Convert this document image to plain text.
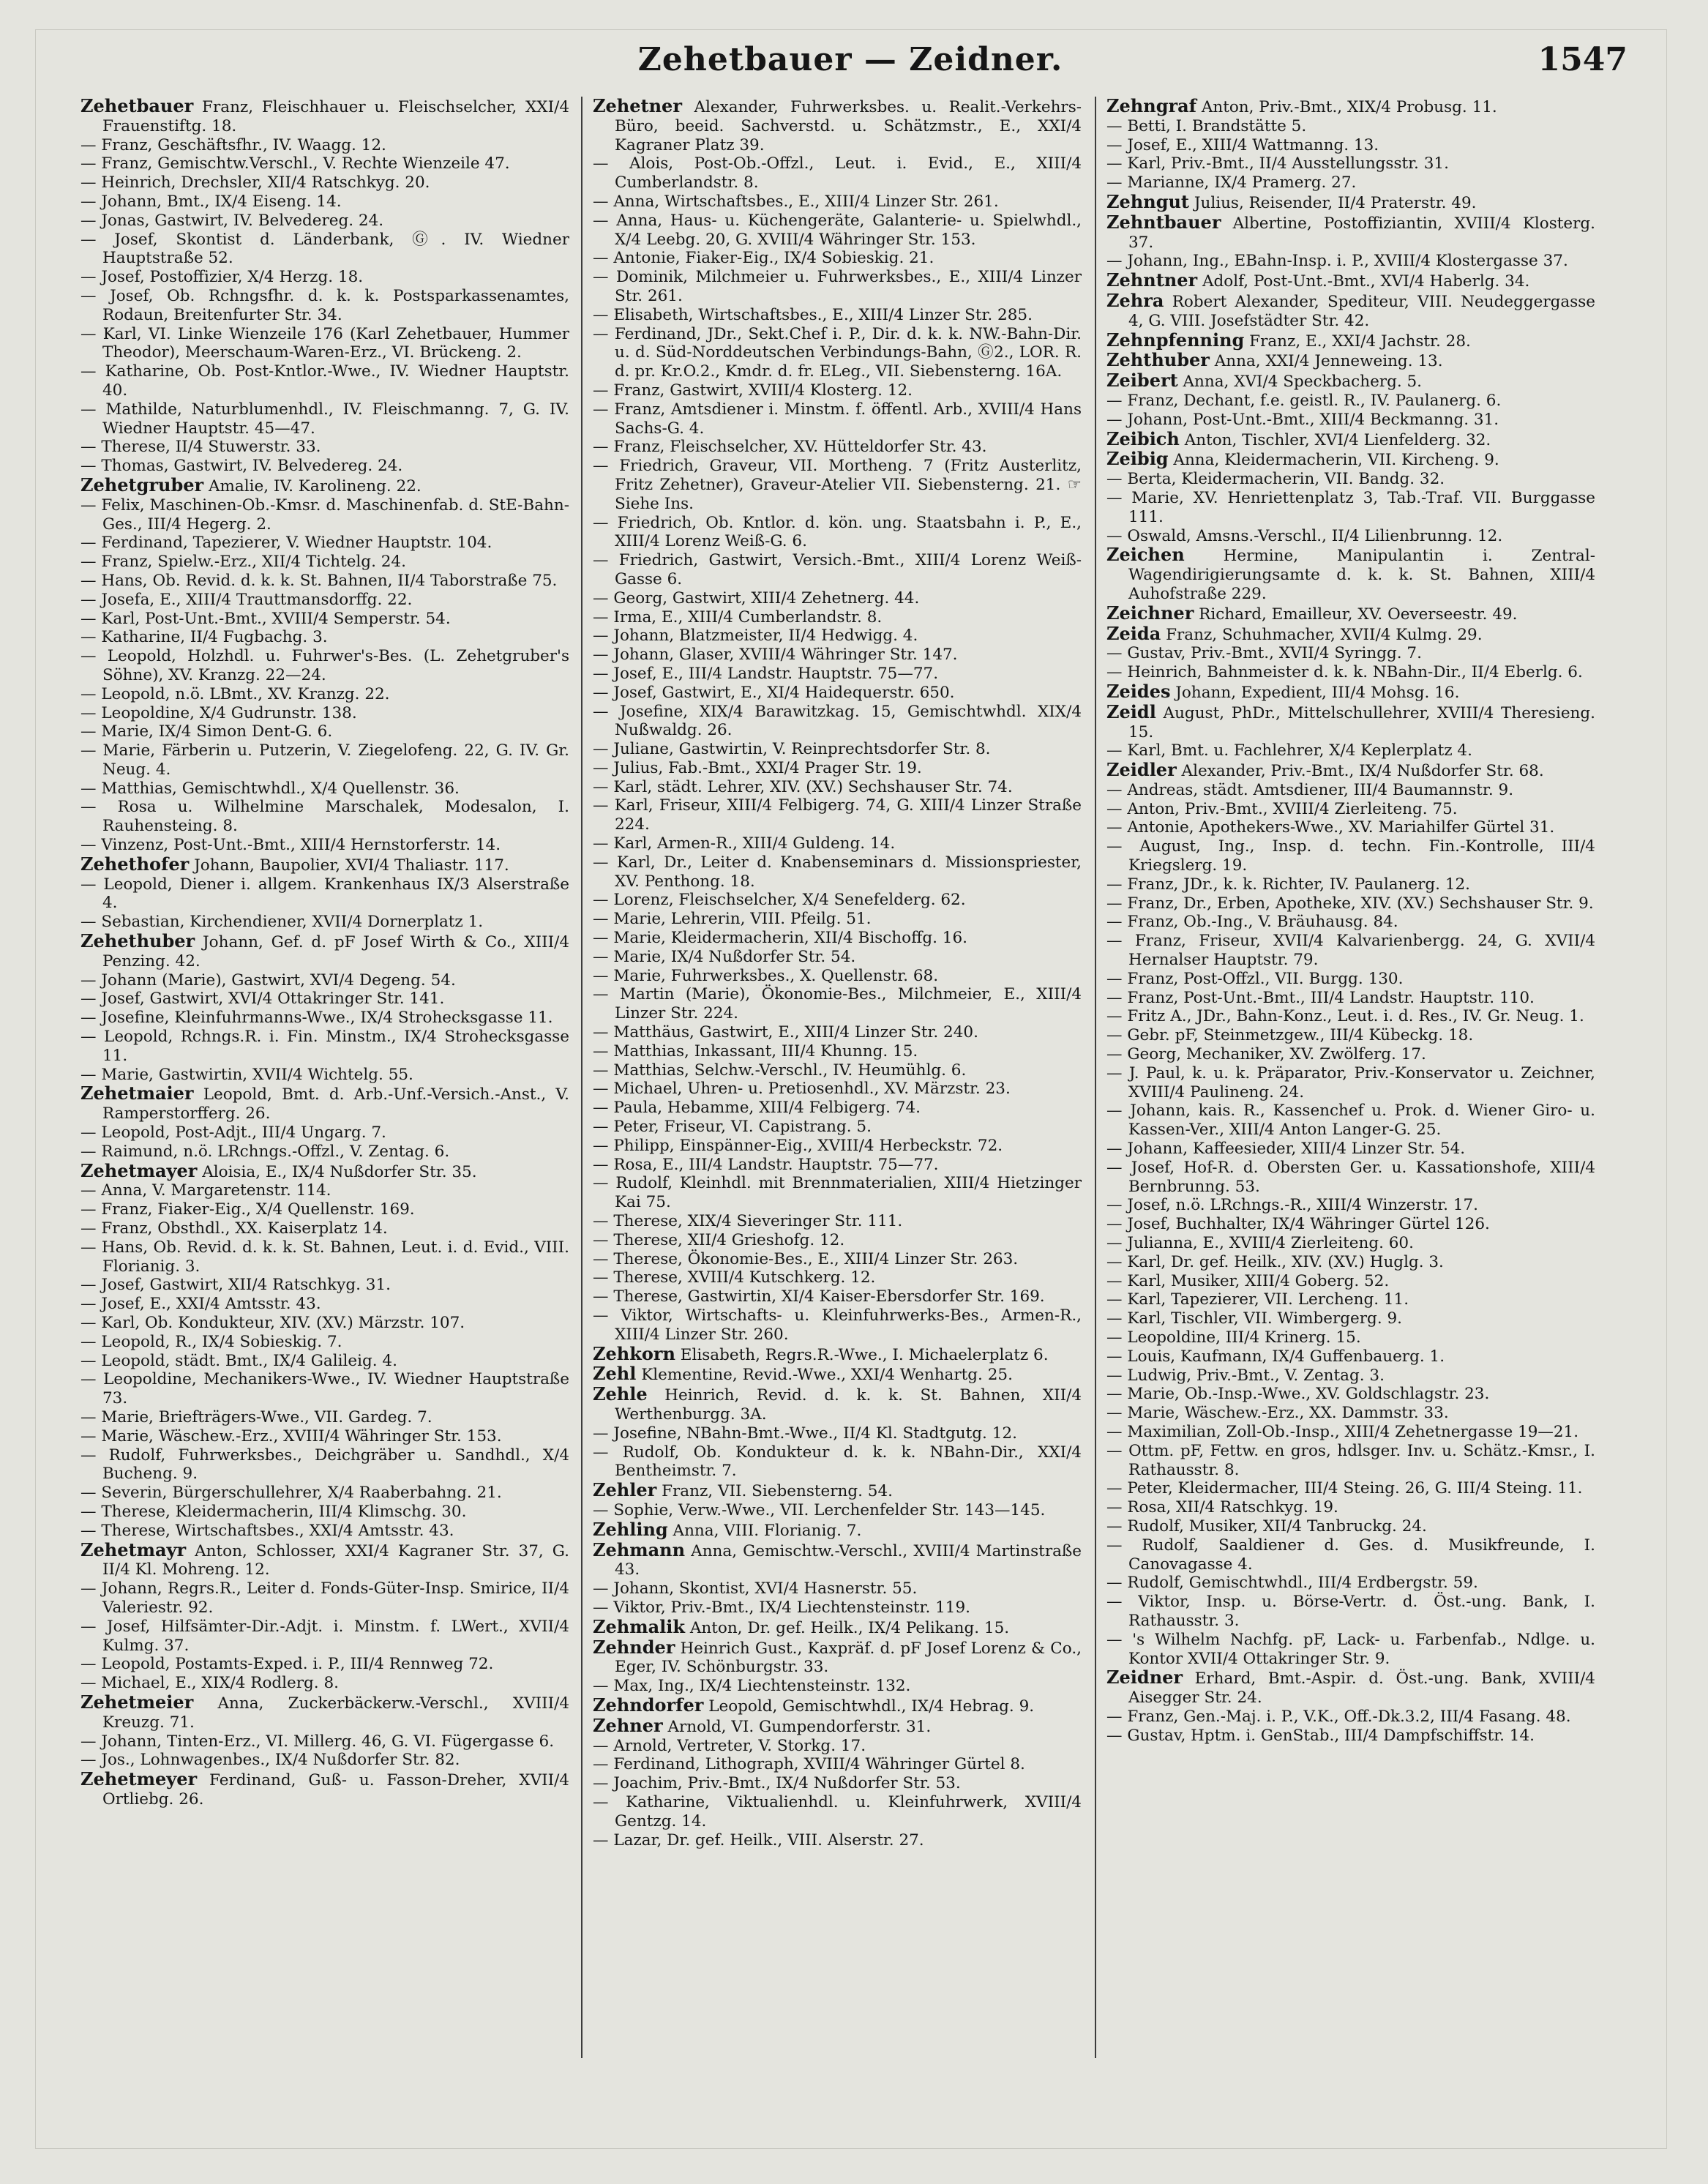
Zehetbauer — Zeidner.	1547

Zehetbauer Franz, Fleischhauer u. Fleischselcher, XXI/4 Frauenstiftg. 18.

— Franz, Geschäftsfhr., IV. Waagg. 12.

— Franz, Gemischtw.Verschl., V. Rechte Wienzeile 47.

— Heinrich, Drechsler, XII/4 Ratschkyg. 20.

— Johann, Bmt., IX/4 Eiseng. 14.

— Jonas, Gastwirt, IV. Belvedereg. 24.

— Josef, Skontist d. Länderbank, Ⓖ. IV. Wiedner Hauptstraße 52.

— Josef, Postoffizier, X/4 Herzg. 18.

— Josef, Ob. Rchngsfhr. d. k. k. Postsparkassenamtes, Rodaun, Breitenfurter Str. 34.

— Karl, VI. Linke Wienzeile 176 (Karl Zehetbauer, Hummer Theodor), Meerschaum-Waren-Erz., VI. Brückeng. 2.

— Katharine, Ob. Post-Kntlor.-Wwe., IV. Wiedner Hauptstr. 40.

— Mathilde, Naturblumenhdl., IV. Fleischmanng. 7, G. IV. Wiedner Hauptstr. 45—47.

— Therese, II/4 Stuwerstr. 33.

— Thomas, Gastwirt, IV. Belvedereg. 24.

Zehetgruber Amalie, IV. Karolineng. 22.

— Felix, Maschinen-Ob.-Kmsr. d. Maschinenfab. d. StE-Bahn-Ges., III/4 Hegerg. 2.

— Ferdinand, Tapezierer, V. Wiedner Hauptstr. 104.

— Franz, Spielw.-Erz., XII/4 Tichtelg. 24.

— Hans, Ob. Revid. d. k. k. St. Bahnen, II/4 Taborstraße 75.

— Josefa, E., XIII/4 Trauttmansdorffg. 22.

— Karl, Post-Unt.-Bmt., XVIII/4 Semperstr. 54.

— Katharine, II/4 Fugbachg. 3.

— Leopold, Holzhdl. u. Fuhrwer's-Bes. (L. Zehetgruber's Söhne), XV. Kranzg. 22—24.

— Leopold, n.ö. LBmt., XV. Kranzg. 22.

— Leopoldine, X/4 Gudrunstr. 138.

— Marie, IX/4 Simon Dent-G. 6.

— Marie, Färberin u. Putzerin, V. Ziegelofeng. 22, G. IV. Gr. Neug. 4.

— Matthias, Gemischtwhdl., X/4 Quellenstr. 36.

— Rosa u. Wilhelmine Marschalek, Modesalon, I. Rauhensteing. 8.

— Vinzenz, Post-Unt.-Bmt., XIII/4 Hernstorferstr. 14.

Zehethofer Johann, Baupolier, XVI/4 Thaliastr. 117.

— Leopold, Diener i. allgem. Krankenhaus IX/3 Alserstraße 4.

— Sebastian, Kirchendiener, XVII/4 Dornerplatz 1.

Zehethuber Johann, Gef. d. pF Josef Wirth & Co., XIII/4 Penzing. 42.

— Johann (Marie), Gastwirt, XVI/4 Degeng. 54.

— Josef, Gastwirt, XVI/4 Ottakringer Str. 141.

— Josefine, Kleinfuhrmanns-Wwe., IX/4 Strohecksgasse 11.

— Leopold, Rchngs.R. i. Fin. Minstm., IX/4 Strohecksgasse 11.

— Marie, Gastwirtin, XVII/4 Wichtelg. 55.

Zehetmaier Leopold, Bmt. d. Arb.-Unf.-Versich.-Anst., V. Ramperstorfferg. 26.

— Leopold, Post-Adjt., III/4 Ungarg. 7.

— Raimund, n.ö. LRchngs.-Offzl., V. Zentag. 6.

Zehetmayer Aloisia, E., IX/4 Nußdorfer Str. 35.

— Anna, V. Margaretenstr. 114.

— Franz, Fiaker-Eig., X/4 Quellenstr. 169.

— Franz, Obsthdl., XX. Kaiserplatz 14.

— Hans, Ob. Revid. d. k. k. St. Bahnen, Leut. i. d. Evid., VIII. Florianig. 3.

— Josef, Gastwirt, XII/4 Ratschkyg. 31.

— Josef, E., XXI/4 Amtsstr. 43.

— Karl, Ob. Kondukteur, XIV. (XV.) Märzstr. 107.

— Leopold, R., IX/4 Sobieskig. 7.

— Leopold, städt. Bmt., IX/4 Galileig. 4.

— Leopoldine, Mechanikers-Wwe., IV. Wiedner Hauptstraße 73.

— Marie, Briefträgers-Wwe., VII. Gardeg. 7.

— Marie, Wäschew.-Erz., XVIII/4 Währinger Str. 153.

— Rudolf, Fuhrwerksbes., Deichgräber u. Sandhdl., X/4 Bucheng. 9.

— Severin, Bürgerschullehrer, X/4 Raaberbahng. 21.

— Therese, Kleidermacherin, III/4 Klimschg. 30.

— Therese, Wirtschaftsbes., XXI/4 Amtsstr. 43.

Zehetmayr Anton, Schlosser, XXI/4 Kagraner Str. 37, G. II/4 Kl. Mohreng. 12.

— Johann, Regrs.R., Leiter d. Fonds-Güter-Insp. Smirice, II/4 Valeriestr. 92.

— Josef, Hilfsämter-Dir.-Adjt. i. Minstm. f. LWert., XVII/4 Kulmg. 37.

— Leopold, Postamts-Exped. i. P., III/4 Rennweg 72.

— Michael, E., XIX/4 Rodlerg. 8.

Zehetmeier Anna, Zuckerbäckerw.-Verschl., XVIII/4 Kreuzg. 71.

— Johann, Tinten-Erz., VI. Millerg. 46, G. VI. Fügergasse 6.

— Jos., Lohnwagenbes., IX/4 Nußdorfer Str. 82.

Zehetmeyer Ferdinand, Guß- u. Fasson-Dreher, XVII/4 Ortliebg. 26.

Zehetner Alexander, Fuhrwerksbes. u. Realit.-Verkehrs-Büro, beeid. Sachverstd. u. Schätzmstr., E., XXI/4 Kagraner Platz 39.

— Alois, Post-Ob.-Offzl., Leut. i. Evid., E., XIII/4 Cumberlandstr. 8.

— Anna, Wirtschaftsbes., E., XIII/4 Linzer Str. 261.

— Anna, Haus- u. Küchengeräte, Galanterie- u. Spielwhdl., X/4 Leebg. 20, G. XVIII/4 Währinger Str. 153.

— Antonie, Fiaker-Eig., IX/4 Sobieskig. 21.

— Dominik, Milchmeier u. Fuhrwerksbes., E., XIII/4 Linzer Str. 261.

— Elisabeth, Wirtschaftsbes., E., XIII/4 Linzer Str. 285.

— Ferdinand, JDr., Sekt.Chef i. P., Dir. d. k. k. NW.-Bahn-Dir. u. d. Süd-Norddeutschen Verbindungs-Bahn, Ⓖ2., LOR. R. d. pr. Kr.O.2., Kmdr. d. fr. ELeg., VII. Siebensterng. 16A.

— Franz, Gastwirt, XVIII/4 Klosterg. 12.

— Franz, Amtsdiener i. Minstm. f. öffentl. Arb., XVIII/4 Hans Sachs-G. 4.

— Franz, Fleischselcher, XV. Hütteldorfer Str. 43.

— Friedrich, Graveur, VII. Mortheng. 7 (Fritz Austerlitz, Fritz Zehetner), Graveur-Atelier VII. Siebensterng. 21. ☞ Siehe Ins.

— Friedrich, Ob. Kntlor. d. kön. ung. Staatsbahn i. P., E., XIII/4 Lorenz Weiß-G. 6.

— Friedrich, Gastwirt, Versich.-Bmt., XIII/4 Lorenz Weiß-Gasse 6.

— Georg, Gastwirt, XIII/4 Zehetnerg. 44.

— Irma, E., XIII/4 Cumberlandstr. 8.

— Johann, Blatzmeister, II/4 Hedwigg. 4.

— Johann, Glaser, XVIII/4 Währinger Str. 147.

— Josef, E., III/4 Landstr. Hauptstr. 75—77.

— Josef, Gastwirt, E., XI/4 Haidequerstr. 650.

— Josefine, XIX/4 Barawitzkag. 15, Gemischtwhdl. XIX/4 Nußwaldg. 26.

— Juliane, Gastwirtin, V. Reinprechtsdorfer Str. 8.

— Julius, Fab.-Bmt., XXI/4 Prager Str. 19.

— Karl, städt. Lehrer, XIV. (XV.) Sechshauser Str. 74.

— Karl, Friseur, XIII/4 Felbigerg. 74, G. XIII/4 Linzer Straße 224.

— Karl, Armen-R., XIII/4 Guldeng. 14.

— Karl, Dr., Leiter d. Knabenseminars d. Missionspriester, XV. Penthong. 18.

— Lorenz, Fleischselcher, X/4 Senefelderg. 62.

— Marie, Lehrerin, VIII. Pfeilg. 51.

— Marie, Kleidermacherin, XII/4 Bischoffg. 16.

— Marie, IX/4 Nußdorfer Str. 54.

— Marie, Fuhrwerksbes., X. Quellenstr. 68.

— Martin (Marie), Ökonomie-Bes., Milchmeier, E., XIII/4 Linzer Str. 224.

— Matthäus, Gastwirt, E., XIII/4 Linzer Str. 240.

— Matthias, Inkassant, III/4 Khunng. 15.

— Matthias, Selchw.-Verschl., IV. Heumühlg. 6.

— Michael, Uhren- u. Pretiosenhdl., XV. Märzstr. 23.

— Paula, Hebamme, XIII/4 Felbigerg. 74.

— Peter, Friseur, VI. Capistrang. 5.

— Philipp, Einspänner-Eig., XVIII/4 Herbeckstr. 72.

— Rosa, E., III/4 Landstr. Hauptstr. 75—77.

— Rudolf, Kleinhdl. mit Brennmaterialien, XIII/4 Hietzinger Kai 75.

— Therese, XIX/4 Sieveringer Str. 111.

— Therese, XII/4 Grieshofg. 12.

— Therese, Ökonomie-Bes., E., XIII/4 Linzer Str. 263.

— Therese, XVIII/4 Kutschkerg. 12.

— Therese, Gastwirtin, XI/4 Kaiser-Ebersdorfer Str. 169.

— Viktor, Wirtschafts- u. Kleinfuhrwerks-Bes., Armen-R., XIII/4 Linzer Str. 260.

Zehkorn Elisabeth, Regrs.R.-Wwe., I. Michaelerplatz 6.

Zehl Klementine, Revid.-Wwe., XXI/4 Wenhartg. 25.

Zehle Heinrich, Revid. d. k. k. St. Bahnen, XII/4 Werthenburgg. 3A.

— Josefine, NBahn-Bmt.-Wwe., II/4 Kl. Stadtgutg. 12.

— Rudolf, Ob. Kondukteur d. k. k. NBahn-Dir., XXI/4 Bentheimstr. 7.

Zehler Franz, VII. Siebensterng. 54.

— Sophie, Verw.-Wwe., VII. Lerchenfelder Str. 143—145.

Zehling Anna, VIII. Florianig. 7.

Zehmann Anna, Gemischtw.-Verschl., XVIII/4 Martinstraße 43.

— Johann, Skontist, XVI/4 Hasnerstr. 55.

— Viktor, Priv.-Bmt., IX/4 Liechtensteinstr. 119.

Zehmalik Anton, Dr. gef. Heilk., IX/4 Pelikang. 15.

Zehnder Heinrich Gust., Kaxpräf. d. pF Josef Lorenz & Co., Eger, IV. Schönburgstr. 33.

— Max, Ing., IX/4 Liechtensteinstr. 132.

Zehndorfer Leopold, Gemischtwhdl., IX/4 Hebrag. 9.

Zehner Arnold, VI. Gumpendorferstr. 31.

— Arnold, Vertreter, V. Storkg. 17.

— Ferdinand, Lithograph, XVIII/4 Währinger Gürtel 8.

— Joachim, Priv.-Bmt., IX/4 Nußdorfer Str. 53.

— Katharine, Viktualienhdl. u. Kleinfuhrwerk, XVIII/4 Gentzg. 14.

— Lazar, Dr. gef. Heilk., VIII. Alserstr. 27.

Zehngraf Anton, Priv.-Bmt., XIX/4 Probusg. 11.

— Betti, I. Brandstätte 5.

— Josef, E., XIII/4 Wattmanng. 13.

— Karl, Priv.-Bmt., II/4 Ausstellungsstr. 31.

— Marianne, IX/4 Pramerg. 27.

Zehngut Julius, Reisender, II/4 Praterstr. 49.

Zehntbauer Albertine, Postoffiziantin, XVIII/4 Klosterg. 37.

— Johann, Ing., EBahn-Insp. i. P., XVIII/4 Klostergasse 37.

Zehntner Adolf, Post-Unt.-Bmt., XVI/4 Haberlg. 34.

Zehra Robert Alexander, Spediteur, VIII. Neudeggergasse 4, G. VIII. Josefstädter Str. 42.

Zehnpfenning Franz, E., XXI/4 Jachstr. 28.

Zehthuber Anna, XXI/4 Jenneweing. 13.

Zeibert Anna, XVI/4 Speckbacherg. 5.

— Franz, Dechant, f.e. geistl. R., IV. Paulanerg. 6.

— Johann, Post-Unt.-Bmt., XIII/4 Beckmanng. 31.

Zeibich Anton, Tischler, XVI/4 Lienfelderg. 32.

Zeibig Anna, Kleidermacherin, VII. Kircheng. 9.

— Berta, Kleidermacherin, VII. Bandg. 32.

— Marie, XV. Henriettenplatz 3, Tab.-Traf. VII. Burggasse 111.

— Oswald, Amsns.-Verschl., II/4 Lilienbrunng. 12.

Zeichen Hermine, Manipulantin i. Zentral-Wagendirigierungsamte d. k. k. St. Bahnen, XIII/4 Auhofstraße 229.

Zeichner Richard, Emailleur, XV. Oeverseestr. 49.

Zeida Franz, Schuhmacher, XVII/4 Kulmg. 29.

— Gustav, Priv.-Bmt., XVII/4 Syringg. 7.

— Heinrich, Bahnmeister d. k. k. NBahn-Dir., II/4 Eberlg. 6.

Zeides Johann, Expedient, III/4 Mohsg. 16.

Zeidl August, PhDr., Mittelschullehrer, XVIII/4 Theresieng. 15.

— Karl, Bmt. u. Fachlehrer, X/4 Keplerplatz 4.

Zeidler Alexander, Priv.-Bmt., IX/4 Nußdorfer Str. 68.

— Andreas, städt. Amtsdiener, III/4 Baumannstr. 9.

— Anton, Priv.-Bmt., XVIII/4 Zierleiteng. 75.

— Antonie, Apothekers-Wwe., XV. Mariahilfer Gürtel 31.

— August, Ing., Insp. d. techn. Fin.-Kontrolle, III/4 Kriegslerg. 19.

— Franz, JDr., k. k. Richter, IV. Paulanerg. 12.

— Franz, Dr., Erben, Apotheke, XIV. (XV.) Sechshauser Str. 9.

— Franz, Ob.-Ing., V. Bräuhausg. 84.

— Franz, Friseur, XVII/4 Kalvarienbergg. 24, G. XVII/4 Hernalser Hauptstr. 79.

— Franz, Post-Offzl., VII. Burgg. 130.

— Franz, Post-Unt.-Bmt., III/4 Landstr. Hauptstr. 110.

— Fritz A., JDr., Bahn-Konz., Leut. i. d. Res., IV. Gr. Neug. 1.

— Gebr. pF, Steinmetzgew., III/4 Kübeckg. 18.

— Georg, Mechaniker, XV. Zwölferg. 17.

— J. Paul, k. u. k. Präparator, Priv.-Konservator u. Zeichner, XVIII/4 Paulineng. 24.

— Johann, kais. R., Kassenchef u. Prok. d. Wiener Giro- u. Kassen-Ver., XIII/4 Anton Langer-G. 25.

— Johann, Kaffeesieder, XIII/4 Linzer Str. 54.

— Josef, Hof-R. d. Obersten Ger. u. Kassationshofe, XIII/4 Bernbrunng. 53.

— Josef, n.ö. LRchngs.-R., XIII/4 Winzerstr. 17.

— Josef, Buchhalter, IX/4 Währinger Gürtel 126.

— Julianna, E., XVIII/4 Zierleiteng. 60.

— Karl, Dr. gef. Heilk., XIV. (XV.) Huglg. 3.

— Karl, Musiker, XIII/4 Goberg. 52.

— Karl, Tapezierer, VII. Lercheng. 11.

— Karl, Tischler, VII. Wimbergerg. 9.

— Leopoldine, III/4 Krinerg. 15.

— Louis, Kaufmann, IX/4 Guffenbauerg. 1.

— Ludwig, Priv.-Bmt., V. Zentag. 3.

— Marie, Ob.-Insp.-Wwe., XV. Goldschlagstr. 23.

— Marie, Wäschew.-Erz., XX. Dammstr. 33.

— Maximilian, Zoll-Ob.-Insp., XIII/4 Zehetnergasse 19—21.

— Ottm. pF, Fettw. en gros, hdlsger. Inv. u. Schätz.-Kmsr., I. Rathausstr. 8.

— Peter, Kleidermacher, III/4 Steing. 26, G. III/4 Steing. 11.

— Rosa, XII/4 Ratschkyg. 19.

— Rudolf, Musiker, XII/4 Tanbruckg. 24.

— Rudolf, Saaldiener d. Ges. d. Musikfreunde, I. Canovagasse 4.

— Rudolf, Gemischtwhdl., III/4 Erdbergstr. 59.

— Viktor, Insp. u. Börse-Vertr. d. Öst.-ung. Bank, I. Rathausstr. 3.

— 's Wilhelm Nachfg. pF, Lack- u. Farbenfab., Ndlge. u. Kontor XVII/4 Ottakringer Str. 9.

Zeidner Erhard, Bmt.-Aspir. d. Öst.-ung. Bank, XVIII/4 Aisegger Str. 24.

— Franz, Gen.-Maj. i. P., V.K., Off.-Dk.3.2, III/4 Fasang. 48.

— Gustav, Hptm. i. GenStab., III/4 Dampfschiffstr. 14.
